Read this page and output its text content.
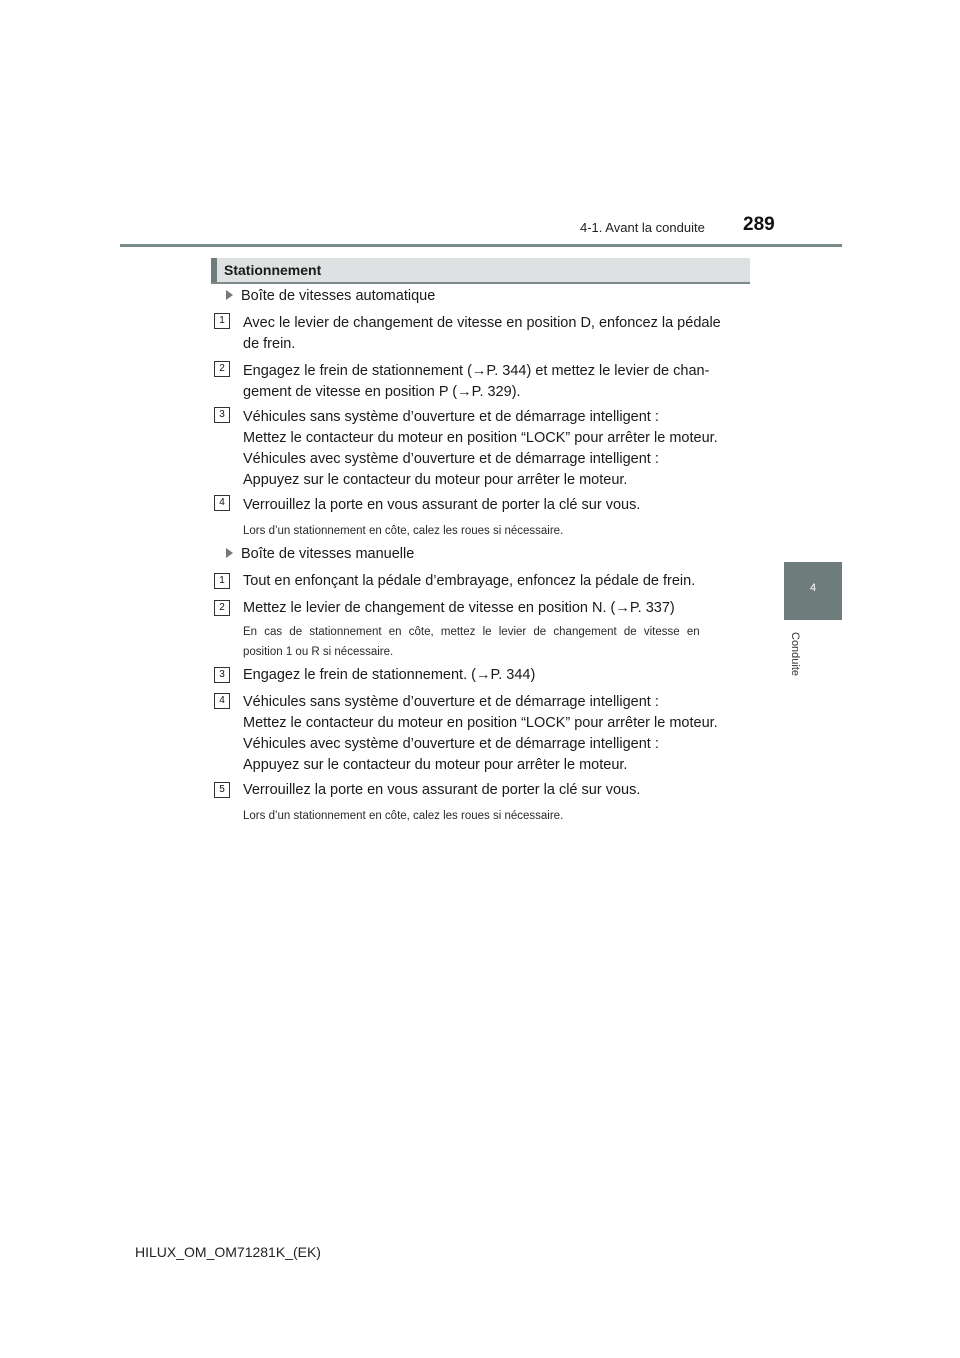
4-1. Avant la conduite 289
4
Conduite
Stationnement
Boîte de vitesses automatique
1	Avec le levier de changement de vitesse en position D, enfoncez la pédale
de frein.
2	Engagez le frein de stationnement (→P. 344) et mettez le levier de chan-
gement de vitesse en position P (→P. 329).
3	Véhicules sans système d’ouverture et de démarrage intelligent :
Mettez le contacteur du moteur en position “LOCK” pour arrêter le moteur.
Véhicules avec système d’ouverture et de démarrage intelligent :
Appuyez sur le contacteur du moteur pour arrêter le moteur.
4	Verrouillez la porte en vous assurant de porter la clé sur vous.
Lors d’un stationnement en côte, calez les roues si nécessaire.
Boîte de vitesses manuelle
1	Tout en enfonçant la pédale d’embrayage, enfoncez la pédale de frein.
2	Mettez le levier de changement de vitesse en position N. (→P. 337)
En cas de stationnement en côte, mettez le levier de changement de vitesse en
position 1 ou R si nécessaire.
3	Engagez le frein de stationnement. (→P. 344)
4	Véhicules sans système d’ouverture et de démarrage intelligent :
Mettez le contacteur du moteur en position “LOCK” pour arrêter le moteur.
Véhicules avec système d’ouverture et de démarrage intelligent :
Appuyez sur le contacteur du moteur pour arrêter le moteur.
5	Verrouillez la porte en vous assurant de porter la clé sur vous.
Lors d’un stationnement en côte, calez les roues si nécessaire.
HILUX_OM_OM71281K_(EK)
